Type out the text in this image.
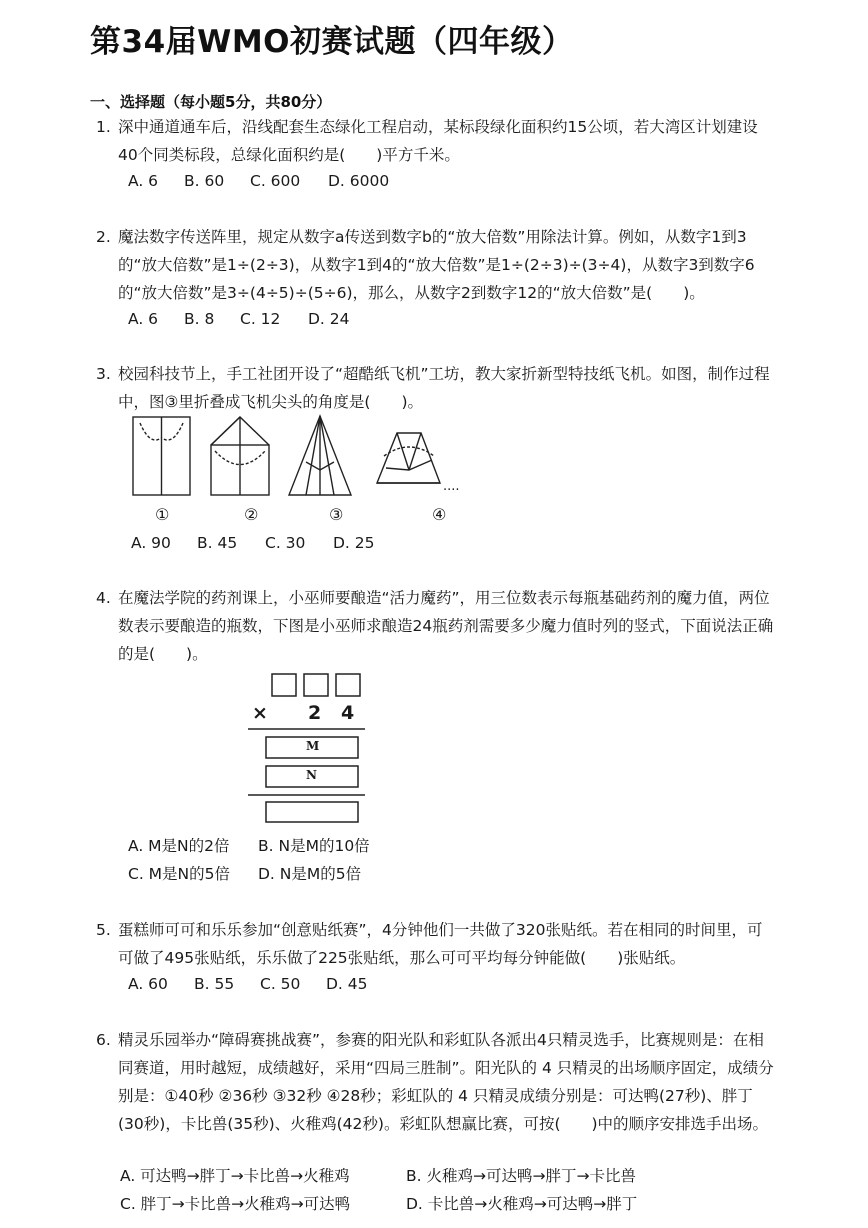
第34届WMO初赛试题（四年级）
一、选择题（每小题5分，共80分）
1. 深中通道通车后，沿线配套生态绿化工程启动，某标段绿化面积约15公顷，若大湾区计划建设40个同类标段，总绿化面积约是(　　)平方千米。
A. 6 B. 60 C. 600 D. 6000
2. 魔法数字传送阵里，规定从数字a传送到数字b的“放大倍数”用除法计算。例如，从数字1到3的“放大倍数”是1÷(2÷3)，从数字1到4的“放大倍数”是1÷(2÷3)÷(3÷4)，从数字3到数字6的“放大倍数”是3÷(4÷5)÷(5÷6)，那么，从数字2到数字12的“放大倍数”是(　　)。
A. 6 B. 8 C. 12 D. 24
3. 校园科技节上，手工社团开设了“超酷纸飞机”工坊，教大家折新型特技纸飞机。如图，制作过程中，图③里折叠成飞机尖头的角度是(　　)。
....
①	②	③	④
A. 90 B. 45 C. 30 D. 25
4. 在魔法学院的药剂课上，小巫师要酿造“活力魔药”，用三位数表示每瓶基础药剂的魔力值，两位数表示要酿造的瓶数，下图是小巫师求酿造24瓶药剂需要多少魔力值时列的竖式，下面说法正确的是(　　)。
× 2 4
M
N
A. M是N的2倍 B. N是M的10倍
C. M是N的5倍 D. N是M的5倍
5. 蛋糕师可可和乐乐参加“创意贴纸赛”，4分钟他们一共做了320张贴纸。若在相同的时间里，可可做了495张贴纸，乐乐做了225张贴纸，那么可可平均每分钟能做(　　)张贴纸。
A. 60 B. 55 C. 50 D. 45
6. 精灵乐园举办“障碍赛挑战赛”，参赛的阳光队和彩虹队各派出4只精灵选手，比赛规则是：在相同赛道，用时越短，成绩越好，采用“四局三胜制”。阳光队的 4 只精灵的出场顺序固定，成绩分别是：①40秒 ②36秒 ③32秒 ④28秒；彩虹队的 4 只精灵成绩分别是：可达鸭(27秒)、胖丁(30秒)，卡比兽(35秒)、火稚鸡(42秒)。彩虹队想赢比赛，可按(　　)中的顺序安排选手出场。
A. 可达鸭→胖丁→卡比兽→火稚鸡	B. 火稚鸡→可达鸭→胖丁→卡比兽
C. 胖丁→卡比兽→火稚鸡→可达鸭	D. 卡比兽→火稚鸡→可达鸭→胖丁
